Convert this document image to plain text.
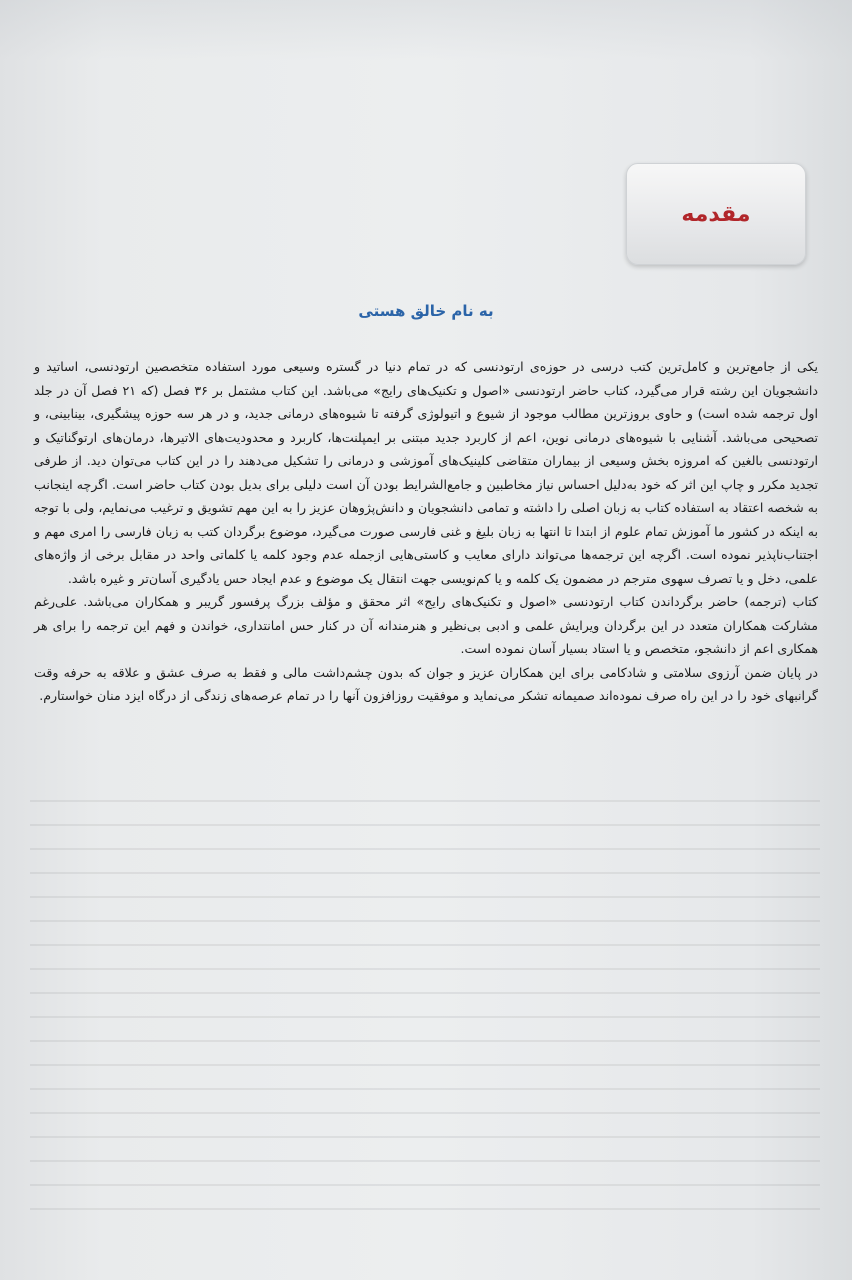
مقدمه
به نام خالق هستی

یکی از جامع‌ترین و کامل‌ترین کتب درسی در حوزه‌ی ارتودنسی که در تمام دنیا در گستره وسیعی مورد استفاده متخصصین ارتودنسی، اساتید و دانشجویان این رشته قرار می‌گیرد، کتاب حاضر ارتودنسی «اصول و تکنیک‌های رایج» می‌باشد. این کتاب مشتمل بر ۳۶ فصل (که ۲۱ فصل آن در جلد اول ترجمه شده است) و حاوی بروزترین مطالب موجود از شیوع و اتیولوژی گرفته تا شیوه‌های درمانی جدید، و در هر سه حوزه پیشگیری، بینابینی، و تصحیحی می‌باشد. آشنایی با شیوه‌های درمانی نوین، اعم از کاربرد جدید مبتنی بر ایمپلنت‌ها، کاربرد و محدودیت‌های الاتیرها، درمان‌های ارتوگناتیک و ارتودنسی بالغین که امروزه بخش وسیعی از بیماران متقاضی کلینیک‌های آموزشی و درمانی را تشکیل می‌دهند را در این کتاب می‌توان دید. از طرفی تجدید مکرر و چاپ این اثر که خود به‌دلیل احساس نیاز مخاطبین و جامع‌الشرایط بودن آن است دلیلی برای بدیل بودن کتاب حاضر است. اگرچه اینجانب به شخصه اعتقاد به استفاده کتاب به زبان اصلی را داشته و تمامی دانشجویان و دانش‌پژوهان عزیز را به این مهم تشویق و ترغیب می‌نمایم، ولی با توجه به اینکه در کشور ما آموزش تمام علوم از ابتدا تا انتها به زبان بلیغ و غنی فارسی صورت می‌گیرد، موضوع برگردان کتب به زبان فارسی را امری مهم و اجتناب‌ناپذیر نموده است. اگرچه این ترجمه‌ها می‌تواند دارای معایب و کاستی‌هایی ازجمله عدم وجود کلمه یا کلماتی واحد در مقابل برخی از واژه‌های علمی، دخل و یا تصرف سهوی مترجم در مضمون یک کلمه و یا کم‌نویسی جهت انتقال یک موضوع و عدم ایجاد حس یادگیری آسان‌تر و غیره باشد.

کتاب (ترجمه) حاضر برگرداندن کتاب ارتودنسی «اصول و تکنیک‌های رایج» اثر محقق و مؤلف بزرگ پرفسور گریبر و همکاران می‌باشد. علی‌رغم مشارکت همکاران متعدد در این برگردان ویرایش علمی و ادبی بی‌نظیر و هنرمندانه آن در کنار حس امانتداری، خواندن و فهم این ترجمه را برای هر همکاری اعم از دانشجو، متخصص و یا استاد بسیار آسان نموده است.

در پایان ضمن آرزوی سلامتی و شادکامی برای این همکاران عزیز و جوان که بدون چشم‌داشت مالی و فقط به صرف عشق و علاقه به حرفه وقت گرانبهای خود را در این راه صرف نموده‌اند صمیمانه تشکر می‌نماید و موفقیت روزافزون آنها را در تمام عرصه‌های زندگی از درگاه ایزد منان خواستارم.
